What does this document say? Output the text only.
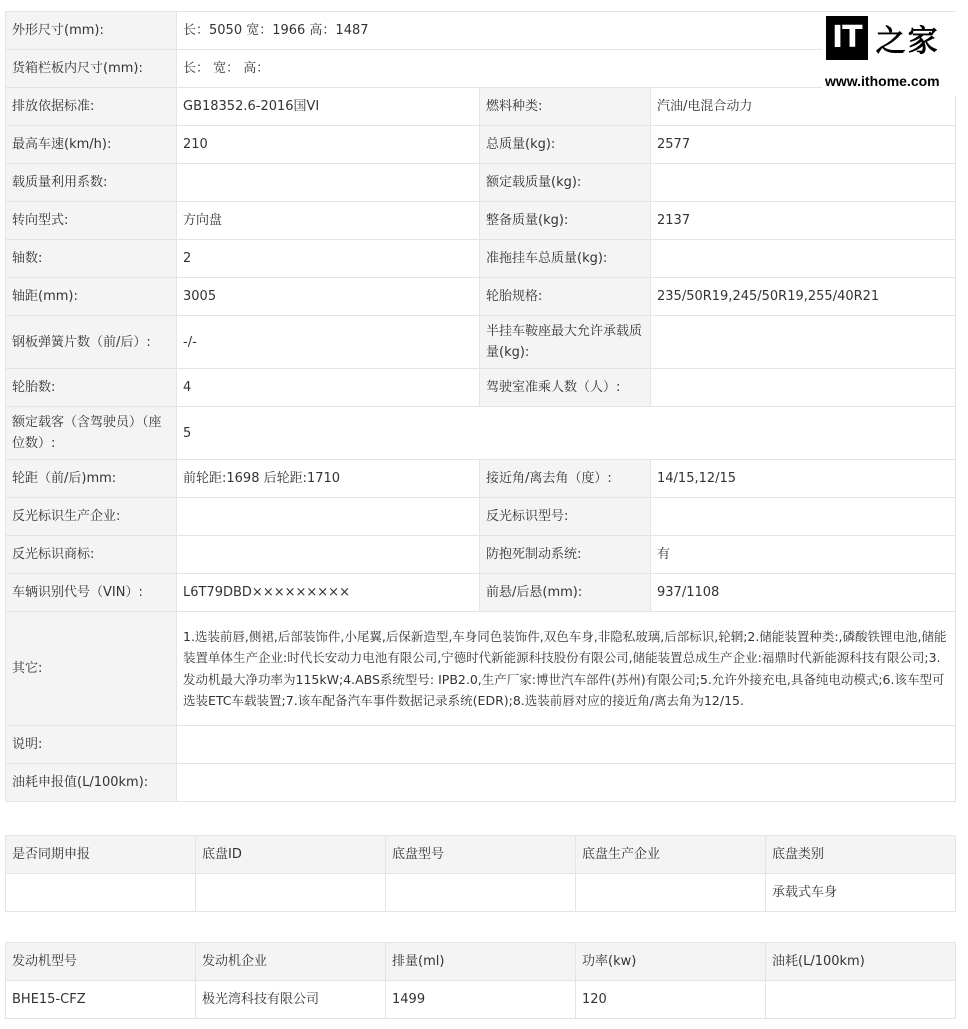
外形尺寸(mm):	长：5050 宽：1966 高：1487		
货箱栏板内尺寸(mm):	长： 宽： 高：		
排放依据标准:	GB18352.6-2016国VI	燃料种类:	汽油/电混合动力
最高车速(km/h):	210	总质量(kg):	2577
载质量利用系数:		额定载质量(kg):	
转向型式:	方向盘	整备质量(kg):	2137
轴数:	2	准拖挂车总质量(kg):	
轴距(mm):	3005	轮胎规格:	235/50R19,245/50R19,255/40R21
钢板弹簧片数（前/后）:	-/-	半挂车鞍座最大允许承载质量(kg):	
轮胎数:	4	驾驶室准乘人数（人）:	
额定载客（含驾驶员）（座位数）:	5		
轮距（前/后)mm:	前轮距:1698 后轮距:1710	接近角/离去角（度）:	14/15,12/15
反光标识生产企业:		反光标识型号:	
反光标识商标:		防抱死制动系统:	有
车辆识别代号（VIN）:	L6T79DBD×××××××××	前悬/后悬(mm):	937/1108
其它:	1.选装前唇,侧裙,后部装饰件,小尾翼,后保新造型,车身同色装饰件,双色车身,非隐私玻璃,后部标识,轮辋;2.储能装置种类:,磷酸铁锂电池,储能装置单体生产企业:时代长安动力电池有限公司,宁德时代新能源科技股份有限公司,储能装置总成生产企业:福鼎时代新能源科技有限公司;3.发动机最大净功率为115kW;4.ABS系统型号: IPB2.0,生产厂家:博世汽车部件(苏州)有限公司;5.允许外接充电,具备纯电动模式;6.该车型可选装ETC车载装置;7.该车配备汽车事件数据记录系统(EDR);8.选装前唇对应的接近角/离去角为12/15.		
说明:			
油耗申报值(L/100km):			
是否同期申报	底盘ID	底盘型号	底盘生产企业	底盘类别
				承载式车身
发动机型号	发动机企业	排量(ml)	功率(kw)	油耗(L/100km)
BHE15-CFZ	极光湾科技有限公司	1499	120	
IT 之家
www.ithome.com
